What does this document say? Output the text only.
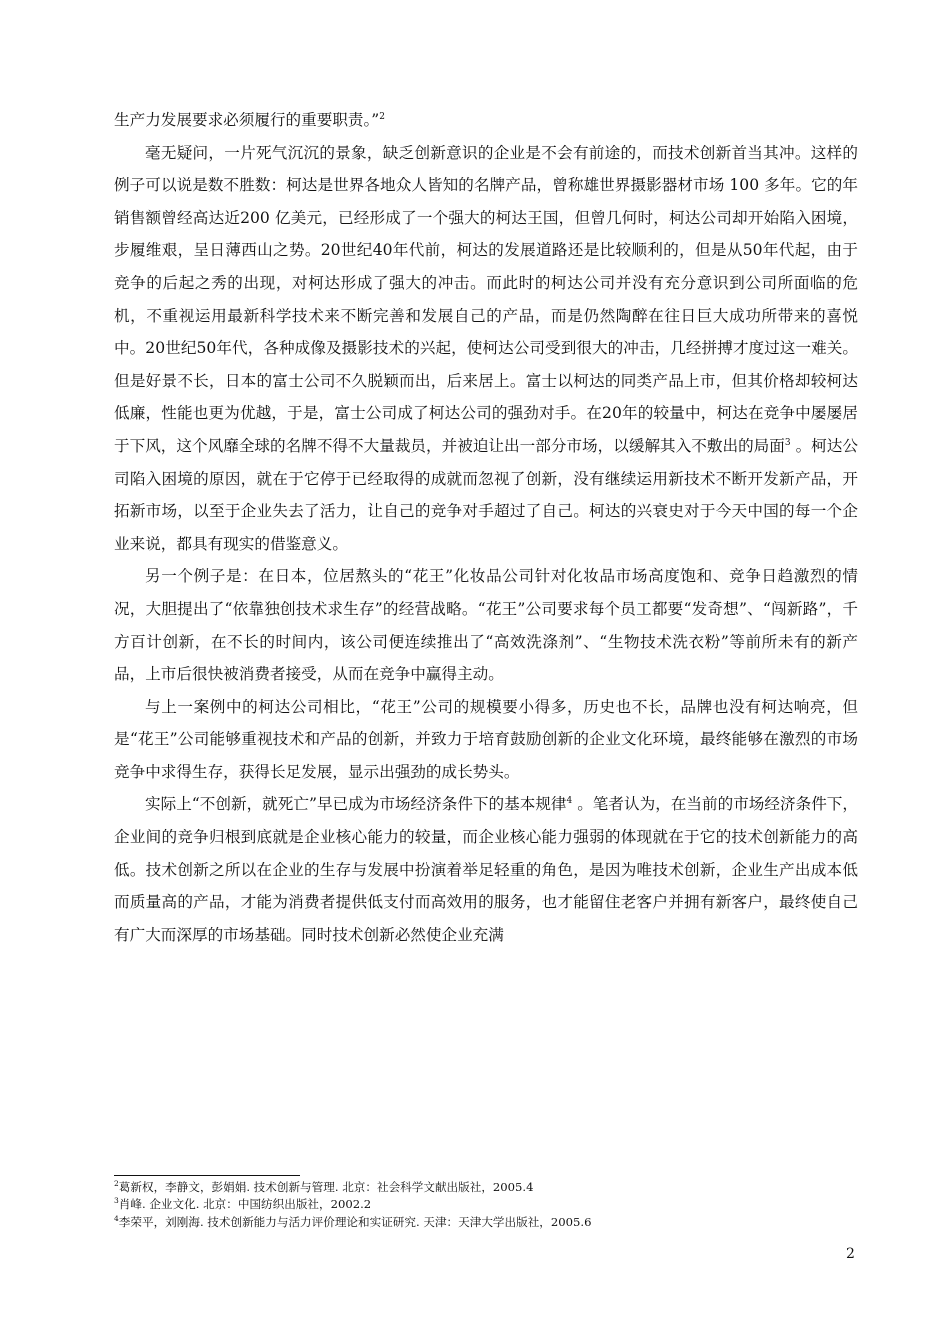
生产力发展要求必须履行的重要职责。”$^2$

毫无疑问，一片死气沉沉的景象，缺乏创新意识的企业是不会有前途的，而技术创新首当其冲。这样的例子可以说是数不胜数：柯达是世界各地众人皆知的名牌产品，曾称雄世界摄影器材市场 100 多年。它的年销售额曾经高达近200 亿美元，已经形成了一个强大的柯达王国，但曾几何时，柯达公司却开始陷入困境，步履维艰，呈日薄西山之势。20世纪40年代前，柯达的发展道路还是比较顺利的，但是从50年代起，由于竞争的后起之秀的出现，对柯达形成了强大的冲击。而此时的柯达公司并没有充分意识到公司所面临的危机，不重视运用最新科学技术来不断完善和发展自己的产品，而是仍然陶醉在往日巨大成功所带来的喜悦中。20世纪50年代，各种成像及摄影技术的兴起，使柯达公司受到很大的冲击，几经拼搏才度过这一难关。但是好景不长，日本的富士公司不久脱颖而出，后来居上。富士以柯达的同类产品上市，但其价格却较柯达低廉，性能也更为优越，于是，富士公司成了柯达公司的强劲对手。在20年的较量中，柯达在竞争中屡屡居于下风，这个风靡全球的名牌不得不大量裁员，并被迫让出一部分市场，以缓解其入不敷出的局面$^3$ 。柯达公司陷入困境的原因，就在于它停于已经取得的成就而忽视了创新，没有继续运用新技术不断开发新产品，开拓新市场，以至于企业失去了活力，让自己的竞争对手超过了自己。柯达的兴衰史对于今天中国的每一个企业来说，都具有现实的借鉴意义。

另一个例子是：在日本，位居熬头的“花王”化妆品公司针对化妆品市场高度饱和、竞争日趋激烈的情况，大胆提出了“依靠独创技术求生存”的经营战略。“花王”公司要求每个员工都要“发奇想”、“闯新路”，千方百计创新，在不长的时间内，该公司便连续推出了“高效洗涤剂”、“生物技术洗衣粉”等前所未有的新产品，上市后很快被消费者接受，从而在竞争中赢得主动。

与上一案例中的柯达公司相比，“花王”公司的规模要小得多，历史也不长，品牌也没有柯达响亮，但是“花王”公司能够重视技术和产品的创新，并致力于培育鼓励创新的企业文化环境，最终能够在激烈的市场竞争中求得生存，获得长足发展，显示出强劲的成长势头。

实际上“不创新，就死亡”早已成为市场经济条件下的基本规律$^4$ 。笔者认为，在当前的市场经济条件下，企业间的竞争归根到底就是企业核心能力的较量，而企业核心能力强弱的体现就在于它的技术创新能力的高低。技术创新之所以在企业的生存与发展中扮演着举足轻重的角色，是因为唯技术创新，企业生产出成本低而质量高的产品，才能为消费者提供低支付而高效用的服务，也才能留住老客户并拥有新客户，最终使自己有广大而深厚的市场基础。同时技术创新必然使企业充满

$^2$葛新权，李静文，彭娟娟. 技术创新与管理. 北京：社会科学文献出版社，2005.4
$^3$肖峰. 企业文化. 北京：中国纺织出版社，2002.2
$^4$李荣平，刘刚海. 技术创新能力与活力评价理论和实证研究. 天津：天津大学出版社，2005.6
2
